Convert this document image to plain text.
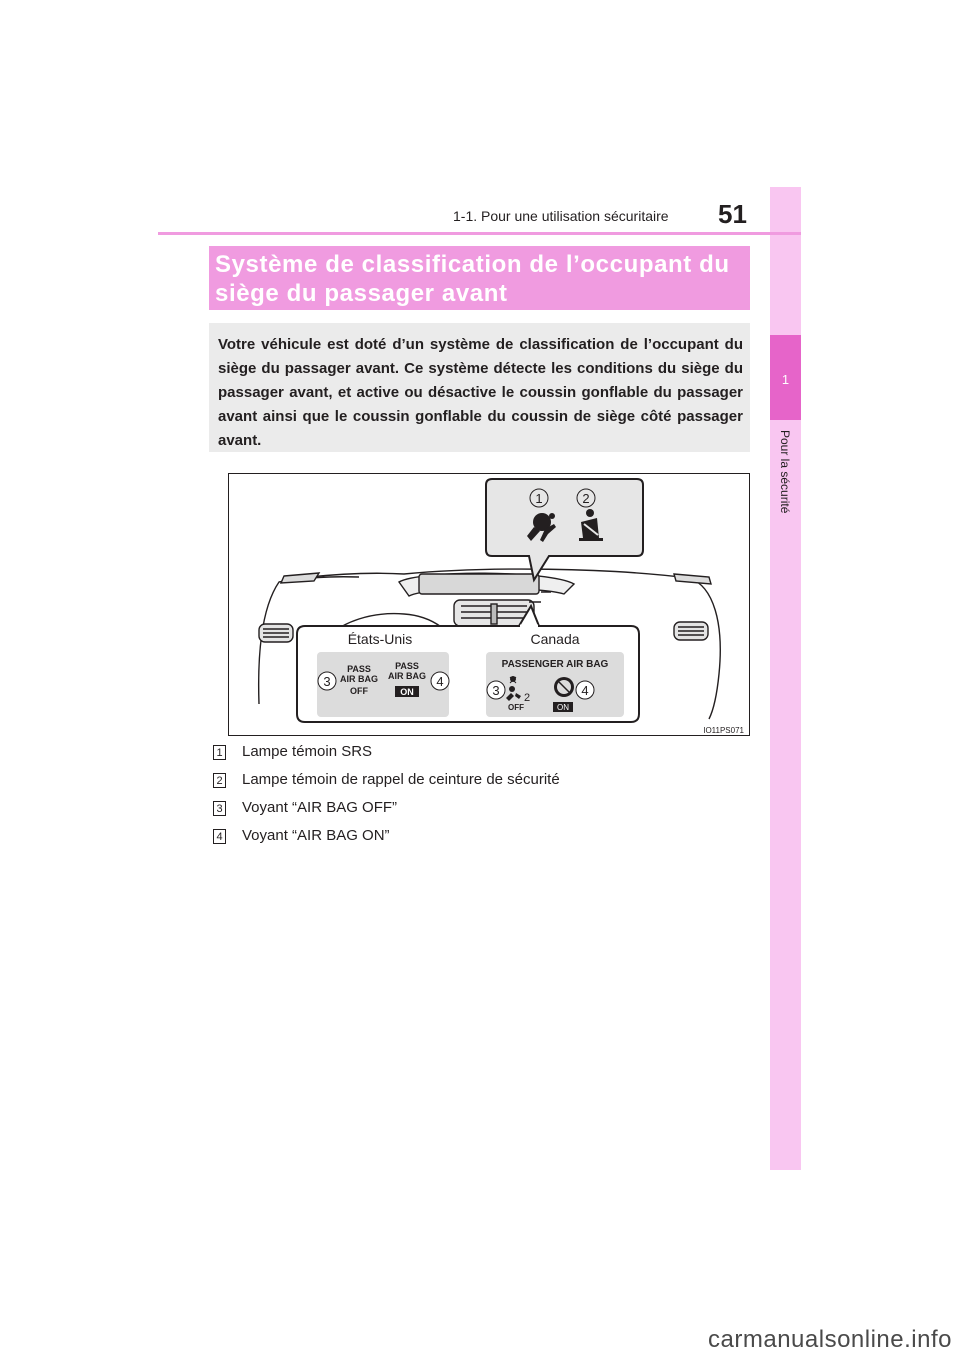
1
Pour la sécurité
1-1. Pour une utilisation sécuritaire 51
Système de classification de l’occupant du siège du passager avant
Votre véhicule est doté d’un système de classification de l’occupant du siège du passager avant. Ce système détecte les conditions du siège du passager avant, et active ou désactive le coussin gonflable du passager avant ainsi que le coussin gonflable du coussin de siège côté passager avant.
1	2
États-Unis	Canada
PASS
AIR BAG
OFF
PASS
AIR BAG
ON
3	4
PASSENGER AIR BAG
2
OFF	ON
3	4
IO11PS071
1 Lampe témoin SRS
2 Lampe témoin de rappel de ceinture de sécurité
3 Voyant “AIR BAG OFF”
4 Voyant “AIR BAG ON”
carmanualsonline.info
